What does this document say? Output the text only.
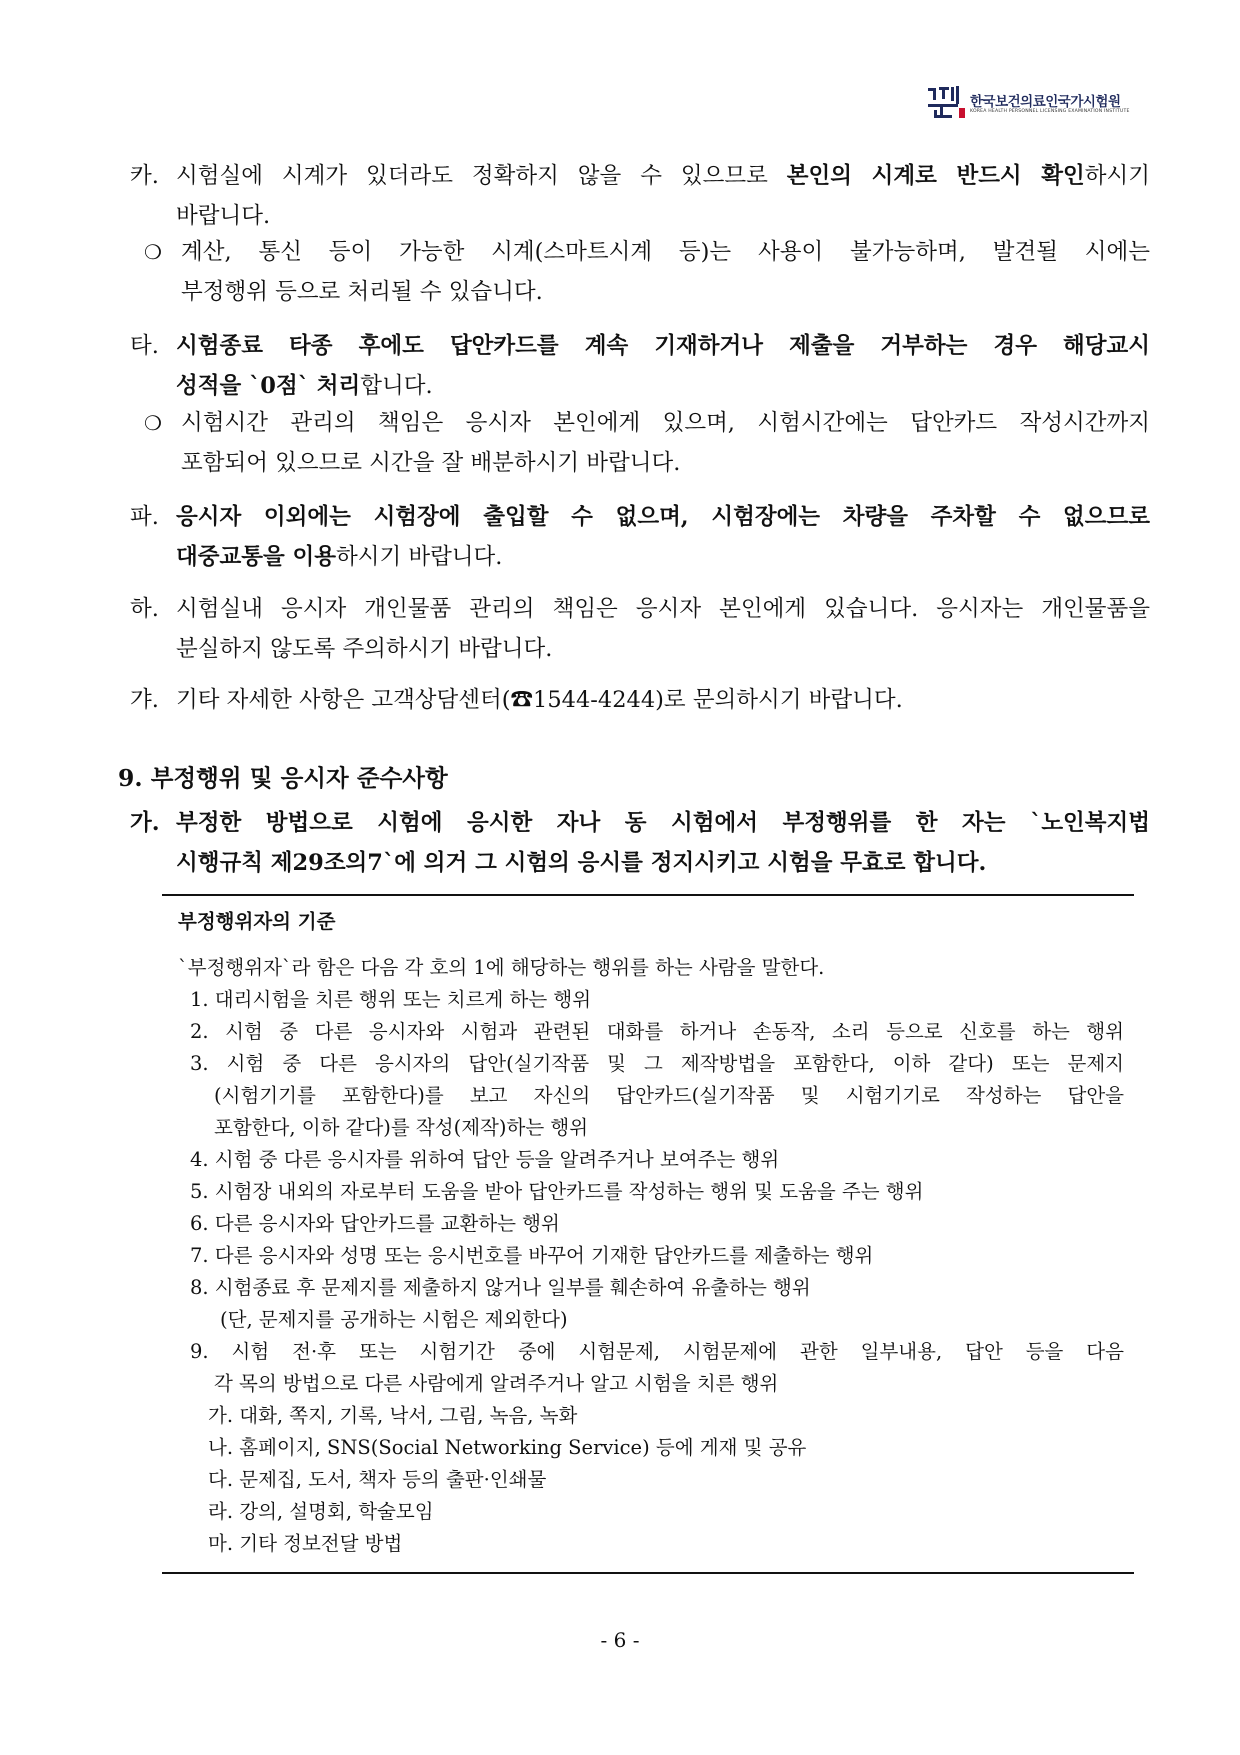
한국보건의료인국가시험원
KOREA HEALTH PERSONNEL LICENSING EXAMINATION INSTITUTE
카. 시험실에 시계가 있더라도 정확하지 않을 수 있으므로 본인의 시계로 반드시 확인하시기
바랍니다.
❍ 계산, 통신 등이 가능한 시계(스마트시계 등)는 사용이 불가능하며, 발견될 시에는
부정행위 등으로 처리될 수 있습니다.
타. 시험종료 타종 후에도 답안카드를 계속 기재하거나 제출을 거부하는 경우 해당교시
성적을 `0점` 처리합니다.
❍ 시험시간 관리의 책임은 응시자 본인에게 있으며, 시험시간에는 답안카드 작성시간까지
포함되어 있으므로 시간을 잘 배분하시기 바랍니다.
파. 응시자 이외에는 시험장에 출입할 수 없으며, 시험장에는 차량을 주차할 수 없으므로
대중교통을 이용하시기 바랍니다.
하. 시험실내 응시자 개인물품 관리의 책임은 응시자 본인에게 있습니다. 응시자는 개인물품을
분실하지 않도록 주의하시기 바랍니다.
갸. 기타 자세한 사항은 고객상담센터(☎1544-4244)로 문의하시기 바랍니다.
9. 부정행위 및 응시자 준수사항
가. 부정한 방법으로 시험에 응시한 자나 동 시험에서 부정행위를 한 자는 `노인복지법
시행규칙 제29조의7`에 의거 그 시험의 응시를 정지시키고 시험을 무효로 합니다.
부정행위자의 기준
`부정행위자`라 함은 다음 각 호의 1에 해당하는 행위를 하는 사람을 말한다.
1. 대리시험을 치른 행위 또는 치르게 하는 행위
2. 시험 중 다른 응시자와 시험과 관련된 대화를 하거나 손동작, 소리 등으로 신호를 하는 행위
3. 시험 중 다른 응시자의 답안(실기작품 및 그 제작방법을 포함한다, 이하 같다) 또는 문제지
(시험기기를 포함한다)를 보고 자신의 답안카드(실기작품 및 시험기기로 작성하는 답안을
포함한다, 이하 같다)를 작성(제작)하는 행위
4. 시험 중 다른 응시자를 위하여 답안 등을 알려주거나 보여주는 행위
5. 시험장 내외의 자로부터 도움을 받아 답안카드를 작성하는 행위 및 도움을 주는 행위
6. 다른 응시자와 답안카드를 교환하는 행위
7. 다른 응시자와 성명 또는 응시번호를 바꾸어 기재한 답안카드를 제출하는 행위
8. 시험종료 후 문제지를 제출하지 않거나 일부를 훼손하여 유출하는 행위
(단, 문제지를 공개하는 시험은 제외한다)
9. 시험 전·후 또는 시험기간 중에 시험문제, 시험문제에 관한 일부내용, 답안 등을 다음
각 목의 방법으로 다른 사람에게 알려주거나 알고 시험을 치른 행위
가. 대화, 쪽지, 기록, 낙서, 그림, 녹음, 녹화
나. 홈페이지, SNS(Social Networking Service) 등에 게재 및 공유
다. 문제집, 도서, 책자 등의 출판·인쇄물
라. 강의, 설명회, 학술모임
마. 기타 정보전달 방법
- 6 -
